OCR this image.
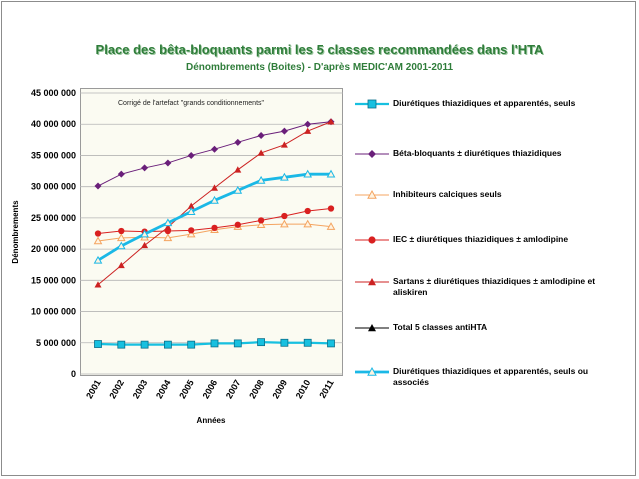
Place des bêta-bloquants parmi les 5 classes recommandées dans l'HTA
Dénombrements (Boites) - D'après MEDIC'AM 2001-2011
Corrigé de l'artefact "grands conditionnements"
0
5 000 000
10 000 000
15 000 000
20 000 000
25 000 000
30 000 000
35 000 000
40 000 000
45 000 000
2001 2002 2003 2004 2005 2006 2007 2008 2009 2010 2011
Dénombrements
Années
Diurétiques thiazidiques et apparentés, seuls
Béta-bloquants ± diurétiques thiazidiques
Inhibiteurs calciques seuls
IEC ± diurétiques thiazidiques ± amlodipine
Sartans ± diurétiques thiazidiques ± amlodipine et aliskiren
Total 5 classes antiHTA
Diurétiques thiazidiques et apparentés, seuls ou associés
